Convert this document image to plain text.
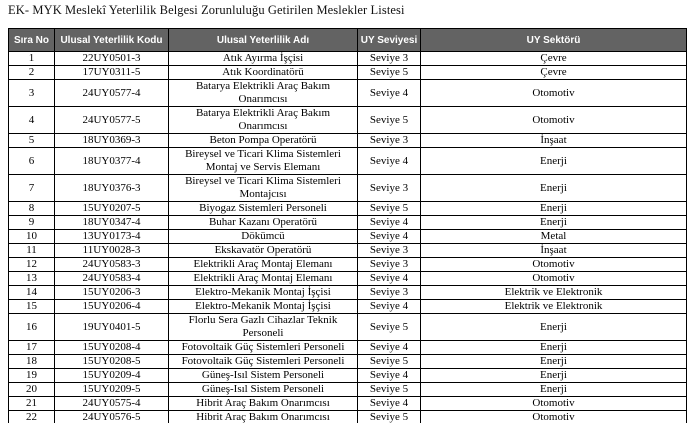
EK- MYK Meslekî Yeterlilik Belgesi Zorunluluğu Getirilen Meslekler Listesi
Sıra No	Ulusal Yeterlilik Kodu	Ulusal Yeterlilik Adı	UY Seviyesi	UY Sektörü
1	22UY0501-3	Atık Ayırma İşçisi	Seviye 3	Çevre
2	17UY0311-5	Atık Koordinatörü	Seviye 5	Çevre
3	24UY0577-4	Batarya Elektrikli Araç Bakım Onarımcısı	Seviye 4	Otomotiv
4	24UY0577-5	Batarya Elektrikli Araç Bakım Onarımcısı	Seviye 5	Otomotiv
5	18UY0369-3	Beton Pompa Operatörü	Seviye 3	İnşaat
6	18UY0377-4	Bireysel ve Ticari Klima Sistemleri Montaj ve Servis Elemanı	Seviye 4	Enerji
7	18UY0376-3	Bireysel ve Ticari Klima Sistemleri Montajcısı	Seviye 3	Enerji
8	15UY0207-5	Biyogaz Sistemleri Personeli	Seviye 5	Enerji
9	18UY0347-4	Buhar Kazanı Operatörü	Seviye 4	Enerji
10	13UY0173-4	Dökümcü	Seviye 4	Metal
11	11UY0028-3	Ekskavatör Operatörü	Seviye 3	İnşaat
12	24UY0583-3	Elektrikli Araç Montaj Elemanı	Seviye 3	Otomotiv
13	24UY0583-4	Elektrikli Araç Montaj Elemanı	Seviye 4	Otomotiv
14	15UY0206-3	Elektro-Mekanik Montaj İşçisi	Seviye 3	Elektrik ve Elektronik
15	15UY0206-4	Elektro-Mekanik Montaj İşçisi	Seviye 4	Elektrik ve Elektronik
16	19UY0401-5	Florlu Sera Gazlı Cihazlar Teknik Personeli	Seviye 5	Enerji
17	15UY0208-4	Fotovoltaik Güç Sistemleri Personeli	Seviye 4	Enerji
18	15UY0208-5	Fotovoltaik Güç Sistemleri Personeli	Seviye 5	Enerji
19	15UY0209-4	Güneş-Isıl Sistem Personeli	Seviye 4	Enerji
20	15UY0209-5	Güneş-Isıl Sistem Personeli	Seviye 5	Enerji
21	24UY0575-4	Hibrit Araç Bakım Onarımcısı	Seviye 4	Otomotiv
22	24UY0576-5	Hibrit Araç Bakım Onarımcısı	Seviye 5	Otomotiv
